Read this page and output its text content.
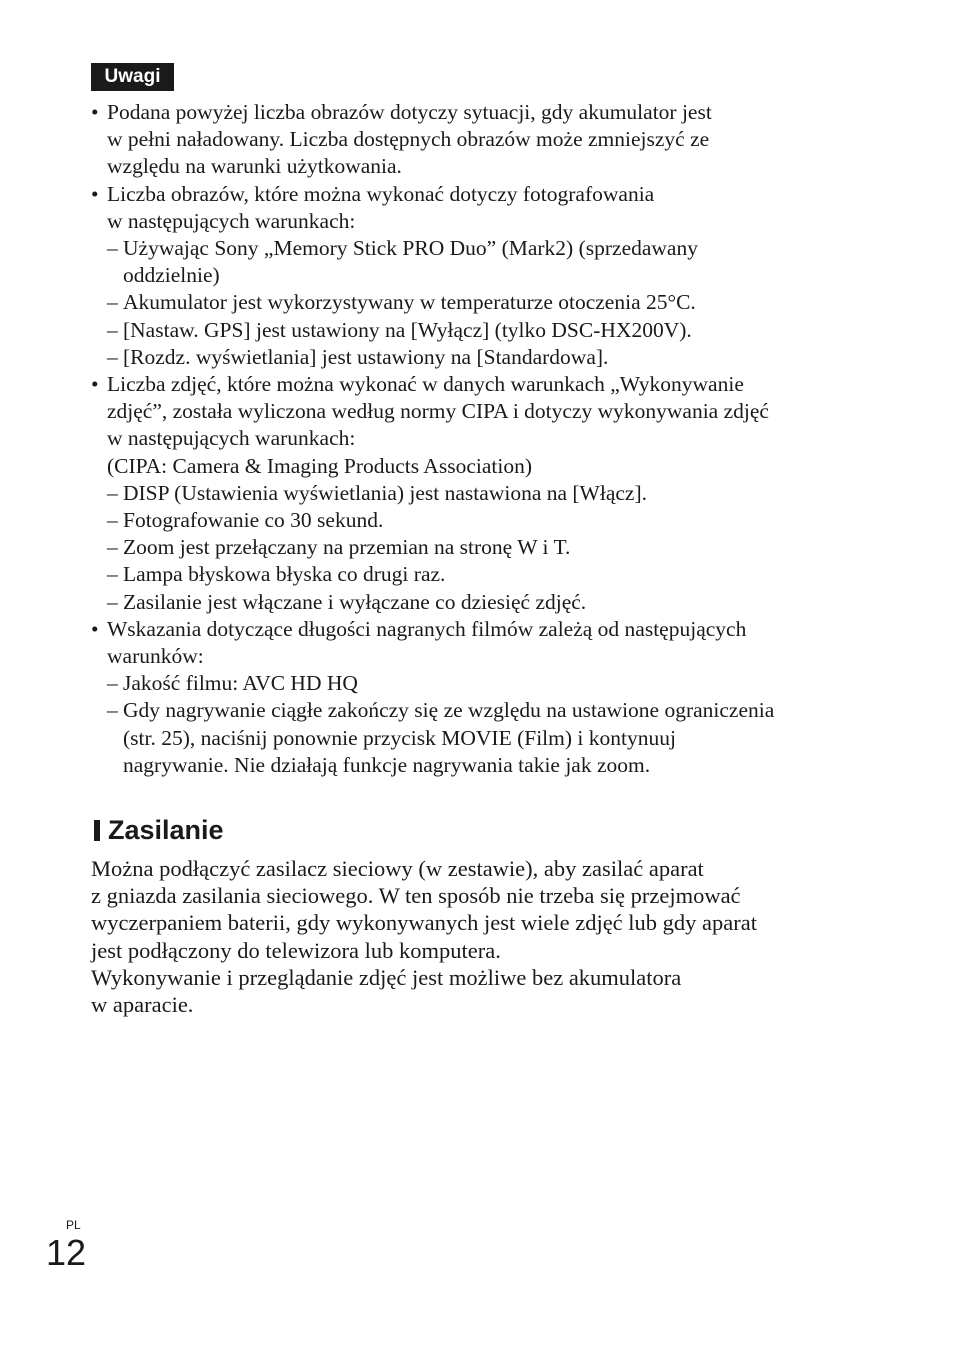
Uwagi
• Podana powyżej liczba obrazów dotyczy sytuacji, gdy akumulator jest
w pełni naładowany. Liczba dostępnych obrazów może zmniejszyć ze
względu na warunki użytkowania.
• Liczba obrazów, które można wykonać dotyczy fotografowania
w następujących warunkach:
– Używając Sony „Memory Stick PRO Duo” (Mark2) (sprzedawany
oddzielnie)
– Akumulator jest wykorzystywany w temperaturze otoczenia 25°C.
– [Nastaw. GPS] jest ustawiony na [Wyłącz] (tylko DSC-HX200V).
– [Rozdz. wyświetlania] jest ustawiony na [Standardowa].
• Liczba zdjęć, które można wykonać w danych warunkach „Wykonywanie
zdjęć”, została wyliczona według normy CIPA i dotyczy wykonywania zdjęć
w następujących warunkach:
(CIPA: Camera & Imaging Products Association)
– DISP (Ustawienia wyświetlania) jest nastawiona na [Włącz].
– Fotografowanie co 30 sekund.
– Zoom jest przełączany na przemian na stronę W i T.
– Lampa błyskowa błyska co drugi raz.
– Zasilanie jest włączane i wyłączane co dziesięć zdjęć.
• Wskazania dotyczące długości nagranych filmów zależą od następujących
warunków:
– Jakość filmu: AVC HD HQ
– Gdy nagrywanie ciągłe zakończy się ze względu na ustawione ograniczenia
(str. 25), naciśnij ponownie przycisk MOVIE (Film) i kontynuuj
nagrywanie. Nie działają funkcje nagrywania takie jak zoom.
Zasilanie
Można podłączyć zasilacz sieciowy (w zestawie), aby zasilać aparat
z gniazda zasilania sieciowego. W ten sposób nie trzeba się przejmować
wyczerpaniem baterii, gdy wykonywanych jest wiele zdjęć lub gdy aparat
jest podłączony do telewizora lub komputera.
Wykonywanie i przeglądanie zdjęć jest możliwe bez akumulatora
w aparacie.
PL
12
